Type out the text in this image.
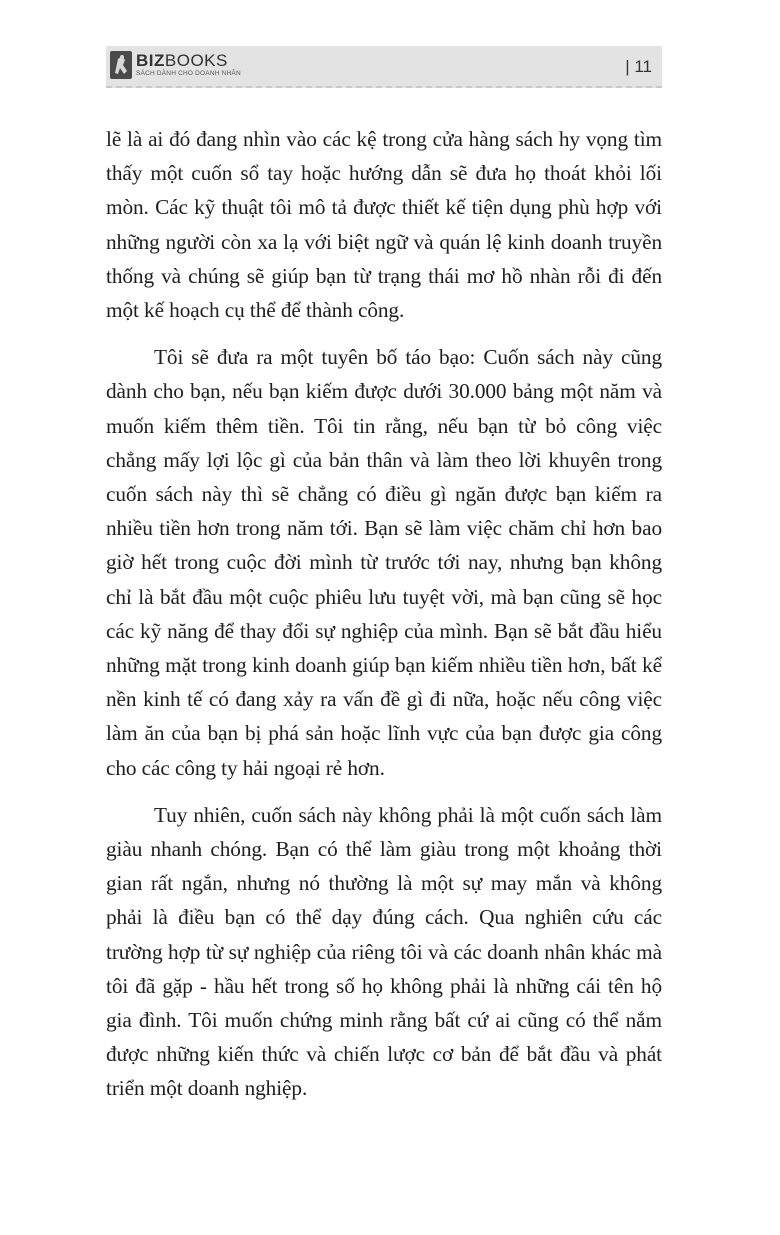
BIZBOOKS
SÁCH DÀNH CHO DOANH NHÂN	| 11

lẽ là ai đó đang nhìn vào các kệ trong cửa hàng sách hy vọng tìm thấy một cuốn sổ tay hoặc hướng dẫn sẽ đưa họ thoát khỏi lối mòn. Các kỹ thuật tôi mô tả được thiết kế tiện dụng phù hợp với những người còn xa lạ với biệt ngữ và quán lệ kinh doanh truyền thống và chúng sẽ giúp bạn từ trạng thái mơ hồ nhàn rỗi đi đến một kế hoạch cụ thể để thành công.

Tôi sẽ đưa ra một tuyên bố táo bạo: Cuốn sách này cũng dành cho bạn, nếu bạn kiếm được dưới 30.000 bảng một năm và muốn kiếm thêm tiền. Tôi tin rằng, nếu bạn từ bỏ công việc chẳng mấy lợi lộc gì của bản thân và làm theo lời khuyên trong cuốn sách này thì sẽ chẳng có điều gì ngăn được bạn kiếm ra nhiều tiền hơn trong năm tới. Bạn sẽ làm việc chăm chỉ hơn bao giờ hết trong cuộc đời mình từ trước tới nay, nhưng bạn không chỉ là bắt đầu một cuộc phiêu lưu tuyệt vời, mà bạn cũng sẽ học các kỹ năng để thay đổi sự nghiệp của mình. Bạn sẽ bắt đầu hiểu những mặt trong kinh doanh giúp bạn kiếm nhiều tiền hơn, bất kể nền kinh tế có đang xảy ra vấn đề gì đi nữa, hoặc nếu công việc làm ăn của bạn bị phá sản hoặc lĩnh vực của bạn được gia công cho các công ty hải ngoại rẻ hơn.

Tuy nhiên, cuốn sách này không phải là một cuốn sách làm giàu nhanh chóng. Bạn có thể làm giàu trong một khoảng thời gian rất ngắn, nhưng nó thường là một sự may mắn và không phải là điều bạn có thể dạy đúng cách. Qua nghiên cứu các trường hợp từ sự nghiệp của riêng tôi và các doanh nhân khác mà tôi đã gặp - hầu hết trong số họ không phải là những cái tên hộ gia đình. Tôi muốn chứng minh rằng bất cứ ai cũng có thể nắm được những kiến thức và chiến lược cơ bản để bắt đầu và phát triển một doanh nghiệp.
